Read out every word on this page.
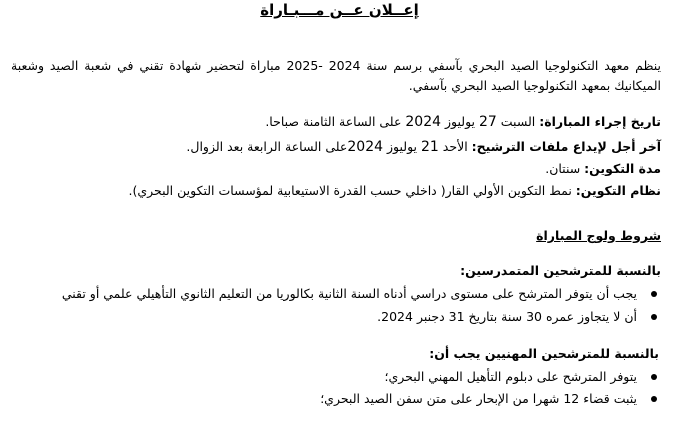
إعــلان عــن مـــبـاراة
ينظم معهد التكنولوجيا الصيد البحري بآسفي برسم سنة 2024 -2025 مباراة لتحضير شهادة تقني في شعبة الصيد وشعبة الميكانيك بمعهد التكنولوجيا الصيد البحري بآسفي.
تاريخ إجراء المباراة: السبت 27 يوليوز 2024 على الساعة الثامنة صباحا.
آخر أجل لإيداع ملفات الترشيح: الأحد 21 يوليوز 2024على الساعة الرابعة بعد الزوال.
مدة التكوين: سنتان.
نظام التكوين: نمط التكوين الأولي القار( داخلي حسب القدرة الاستيعابية لمؤسسات التكوين البحري).
شروط ولوج المباراة
بالنسبة للمترشحين المتمدرسين:
يجب أن يتوفر المترشح على مستوى دراسي أدناه السنة الثانية بكالوريا من التعليم الثانوي التأهيلي علمي أو تقني
أن لا يتجاوز عمره 30 سنة بتاريخ 31 دجنبر 2024.
بالنسبة للمترشحين المهنيين يجب أن:
يتوفر المترشح على دبلوم التأهيل المهني البحري؛
يثبت قضاء 12 شهرا من الإبحار على متن سفن الصيد البحري؛
